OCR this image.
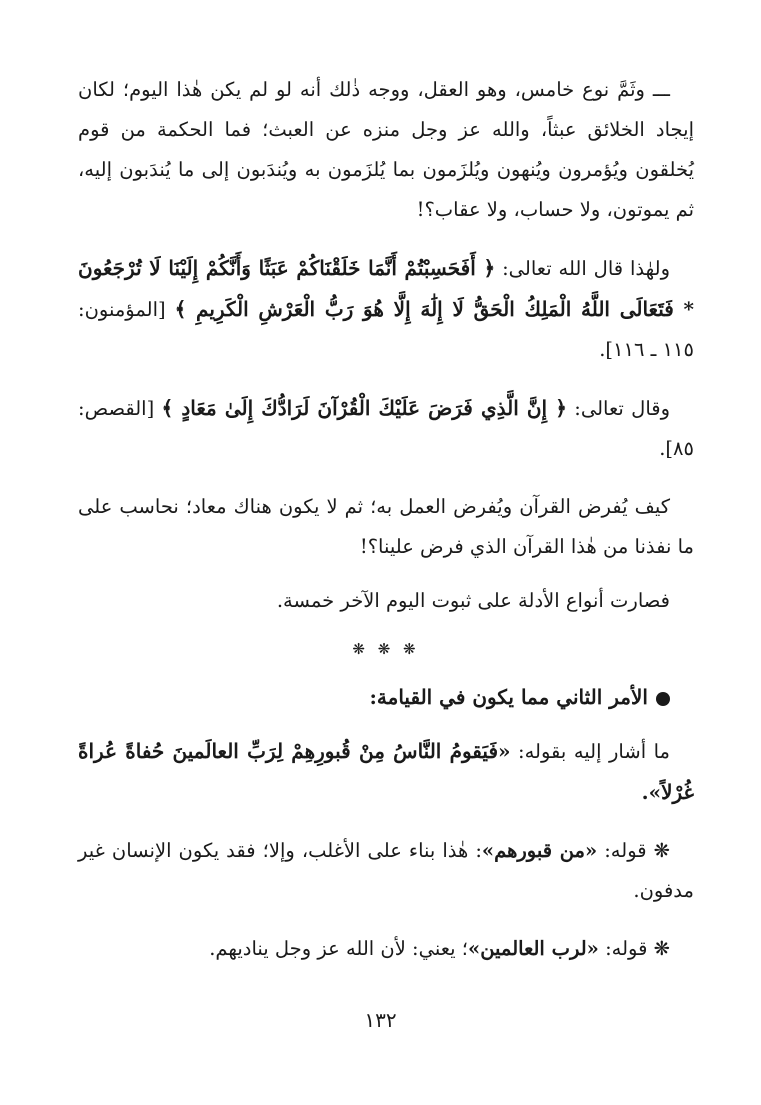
ـــ وثَمَّ نوع خامس، وهو العقل، ووجه ذٰلك أنه لو لم يكن هٰذا اليوم؛ لكان إيجاد الخلائق عبثاً، والله عز وجل منزه عن العبث؛ فما الحكمة من قوم يُخلقون ويُؤمرون ويُنهون ويُلزَمون بما يُلزَمون به ويُندَبون إلى ما يُندَبون إليه، ثم يموتون، ولا حساب، ولا عقاب؟!

ولهٰذا قال الله تعالى: ﴿ أَفَحَسِبْتُمْ أَنَّمَا خَلَقْنَاكُمْ عَبَثًا وَأَنَّكُمْ إِلَيْنَا لَا تُرْجَعُونَ * فَتَعَالَى اللَّهُ الْمَلِكُ الْحَقُّ لَا إِلَٰهَ إِلَّا هُوَ رَبُّ الْعَرْشِ الْكَرِيمِ ﴾ [المؤمنون: ١١٥ ـ ١١٦].

وقال تعالى: ﴿ إِنَّ الَّذِي فَرَضَ عَلَيْكَ الْقُرْآنَ لَرَادُّكَ إِلَىٰ مَعَادٍ ﴾ [القصص: ٨٥].

كيف يُفرض القرآن ويُفرض العمل به؛ ثم لا يكون هناك معاد؛ نحاسب على ما نفذنا من هٰذا القرآن الذي فرض علينا؟!

فصارت أنواع الأدلة على ثبوت اليوم الآخر خمسة.

❋ ❋ ❋

الأمر الثاني مما يكون في القيامة:

ما أشار إليه بقوله: «فَيَقومُ النَّاسُ مِنْ قُبورِهِمْ لِرَبِّ العالَمينَ حُفاةً عُراةً غُرْلاً».

❋ قوله: «من قبورهم»: هٰذا بناء على الأغلب، وإلا؛ فقد يكون الإنسان غير مدفون.

❋ قوله: «لرب العالمين»؛ يعني: لأن الله عز وجل يناديهم.

١٣٢
